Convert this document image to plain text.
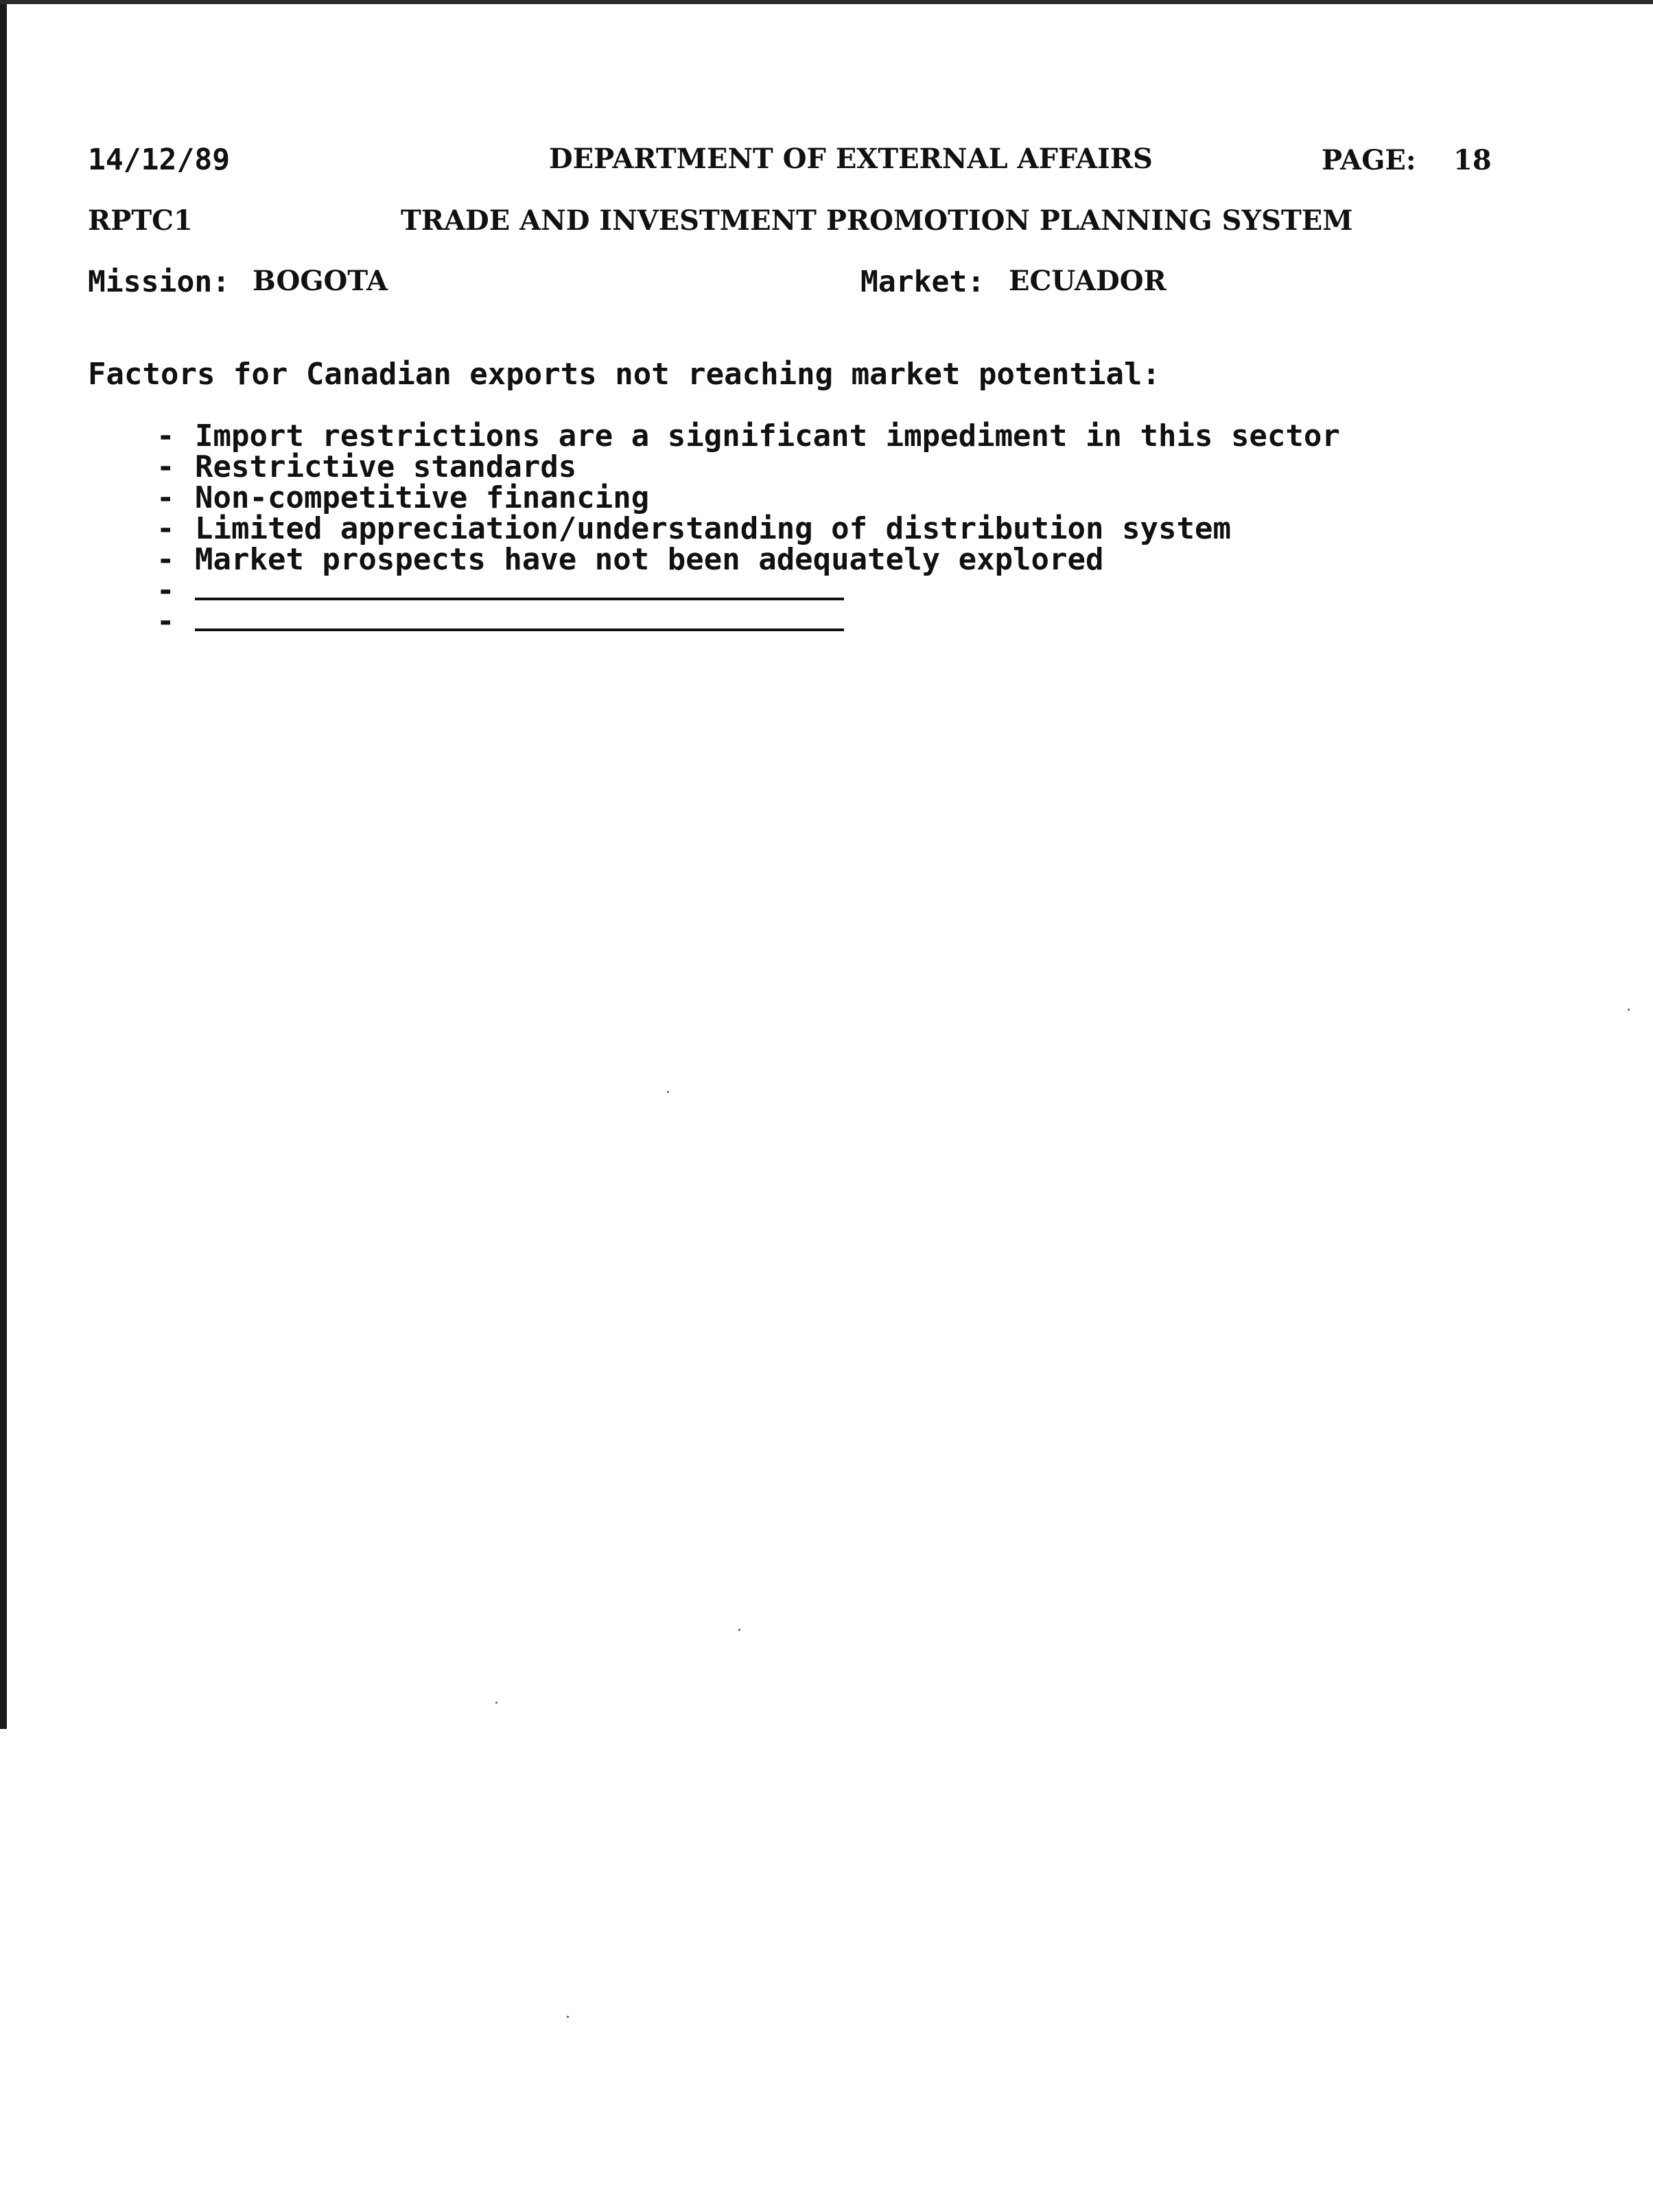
14/12/89	DEPARTMENT OF EXTERNAL AFFAIRS	PAGE: 18
RPTC1	TRADE AND INVESTMENT PROMOTION PLANNING SYSTEM
Mission: BOGOTA	Market: ECUADOR
Factors for Canadian exports not reaching market potential:
- Import restrictions are a significant impediment in this sector
- Restrictive standards
- Non-competitive financing
- Limited appreciation/understanding of distribution system
- Market prospects have not been adequately explored
-
-
